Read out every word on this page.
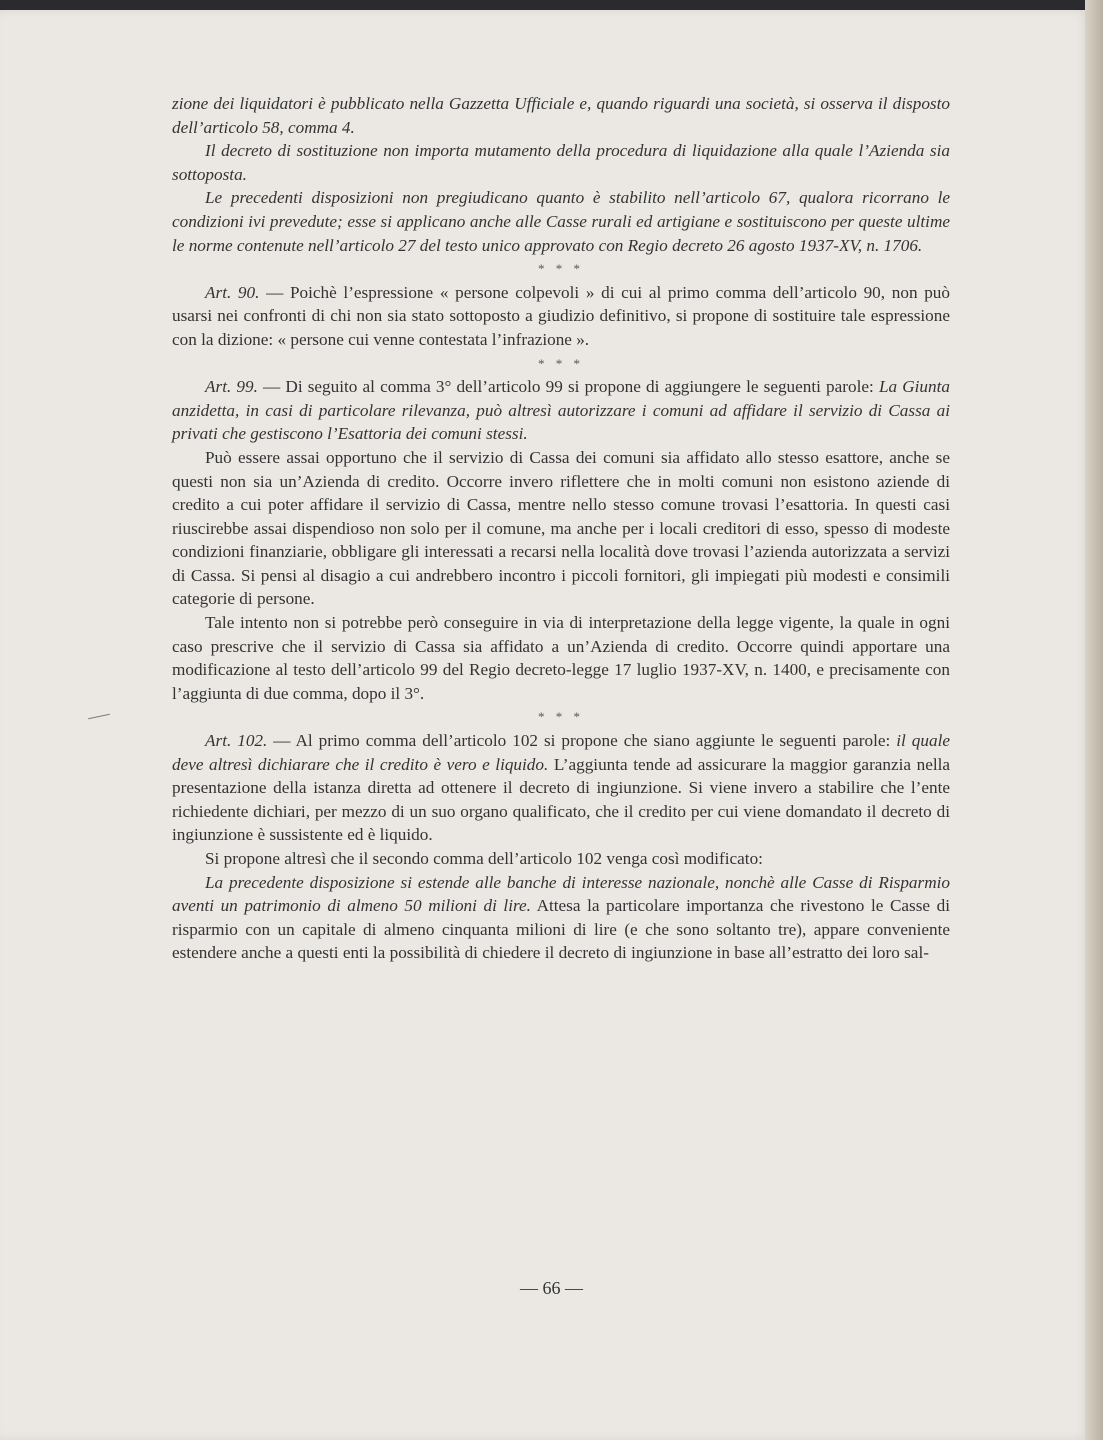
zione dei liquidatori è pubblicato nella Gazzetta Ufficiale e, quando riguardi una società, si osserva il disposto dell’articolo 58, comma 4.

Il decreto di sostituzione non importa mutamento della procedura di liquidazione alla quale l’Azienda sia sottoposta.

Le precedenti disposizioni non pregiudicano quanto è stabilito nell’articolo 67, qualora ricorrano le condizioni ivi prevedute; esse si applicano anche alle Casse rurali ed artigiane e sostituiscono per queste ultime le norme contenute nell’articolo 27 del testo unico approvato con Regio decreto 26 agosto 1937-XV, n. 1706.

* * *

Art. 90. — Poichè l’espressione « persone colpevoli » di cui al primo comma dell’articolo 90, non può usarsi nei confronti di chi non sia stato sottoposto a giudizio definitivo, si propone di sostituire tale espressione con la dizione: « persone cui venne contestata l’infrazione ».

* * *

Art. 99. — Di seguito al comma 3° dell’articolo 99 si propone di aggiungere le seguenti parole: La Giunta anzidetta, in casi di particolare rilevanza, può altresì autorizzare i comuni ad affidare il servizio di Cassa ai privati che gestiscono l’Esattoria dei comuni stessi.

Può essere assai opportuno che il servizio di Cassa dei comuni sia affidato allo stesso esattore, anche se questi non sia un’Azienda di credito. Occorre invero riflettere che in molti comuni non esistono aziende di credito a cui poter affidare il servizio di Cassa, mentre nello stesso comune trovasi l’esattoria. In questi casi riuscirebbe assai dispendioso non solo per il comune, ma anche per i locali creditori di esso, spesso di modeste condizioni finanziarie, obbligare gli interessati a recarsi nella località dove trovasi l’azienda autorizzata a servizi di Cassa. Si pensi al disagio a cui andrebbero incontro i piccoli fornitori, gli impiegati più modesti e consimili categorie di persone.

Tale intento non si potrebbe però conseguire in via di interpretazione della legge vigente, la quale in ogni caso prescrive che il servizio di Cassa sia affidato a un’Azienda di credito. Occorre quindi apportare una modificazione al testo dell’articolo 99 del Regio decreto-legge 17 luglio 1937-XV, n. 1400, e precisamente con l’aggiunta di due comma, dopo il 3°.

* * *

Art. 102. — Al primo comma dell’articolo 102 si propone che siano aggiunte le seguenti parole: il quale deve altresì dichiarare che il credito è vero e liquido. L’aggiunta tende ad assicurare la maggior garanzia nella presentazione della istanza diretta ad ottenere il decreto di ingiunzione. Si viene invero a stabilire che l’ente richiedente dichiari, per mezzo di un suo organo qualificato, che il credito per cui viene domandato il decreto di ingiunzione è sussistente ed è liquido.

Si propone altresì che il secondo comma dell’articolo 102 venga così modificato:

La precedente disposizione si estende alle banche di interesse nazionale, nonchè alle Casse di Risparmio aventi un patrimonio di almeno 50 milioni di lire. Attesa la particolare importanza che rivestono le Casse di risparmio con un capitale di almeno cinquanta milioni di lire (e che sono soltanto tre), appare conveniente estendere anche a questi enti la possibilità di chiedere il decreto di ingiunzione in base all’estratto dei loro sal-

— 66 —
